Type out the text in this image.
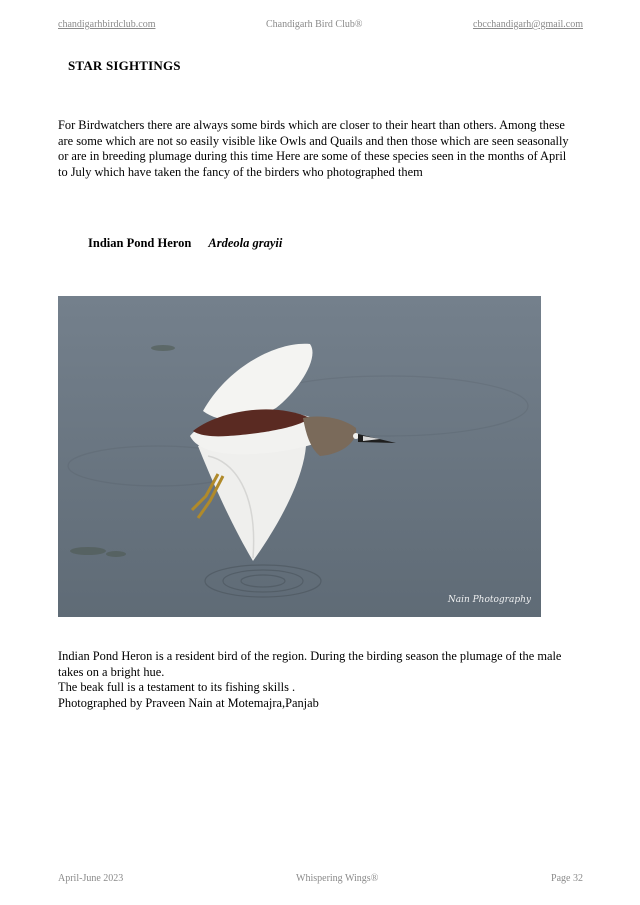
chandigarhbirdclub.com	Chandigarh Bird Club®	cbcchandigarh@gmail.com
STAR SIGHTINGS
For Birdwatchers there are always some birds which are closer to their heart than others. Among these are some which are not so easily visible like Owls and Quails and then those which are seen seasonally or are in breeding plumage during this time Here are some of these species seen in the months of April to July which have taken the fancy of the birders who photographed them
Indian Pond Heron Ardeola grayii
Nain Photography

Indian Pond Heron is a resident bird of the region. During the birding season the plumage of the male takes on a bright hue.

The beak full is a testament to its fishing skills .

Photographed by Praveen Nain at Motemajra,Panjab

April-June 2023	Whispering Wings®	Page 32
